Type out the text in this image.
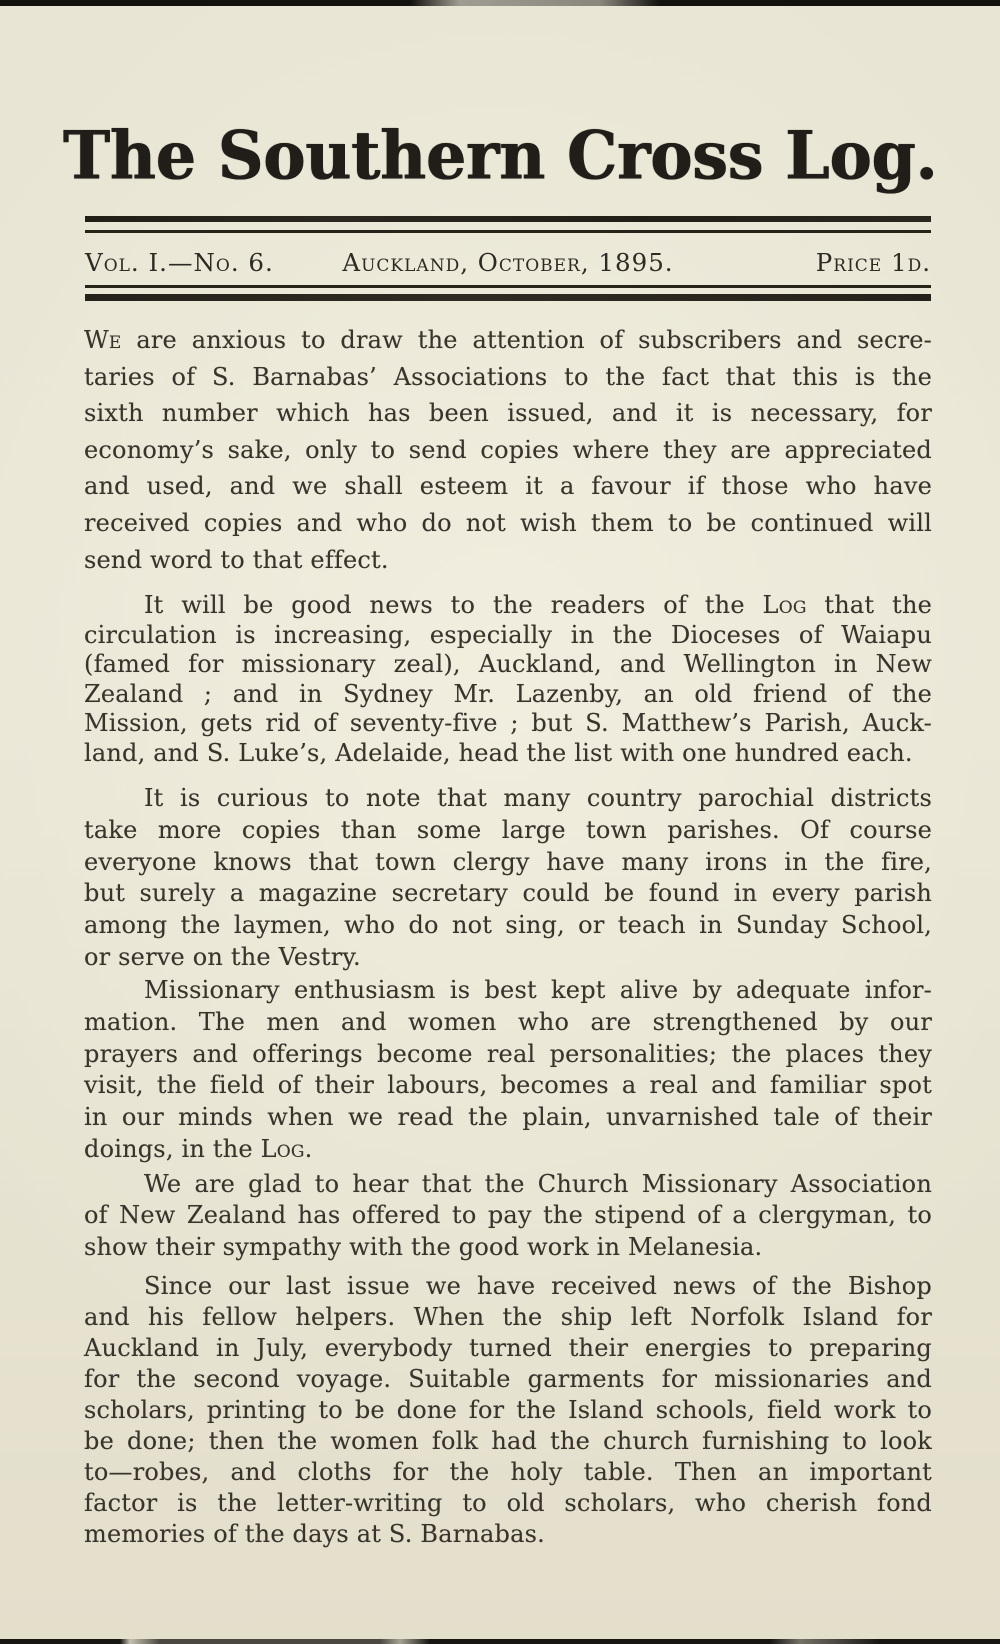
The Southern Cross Log.
Vol. I.—No. 6.	Auckland, October, 1895.	Price 1d.
We are anxious to draw the attention of subscribers and secre-
taries of S. Barnabas’ Associations to the fact that this is the
sixth number which has been issued, and it is necessary, for
economy’s sake, only to send copies where they are appreciated
and used, and we shall esteem it a favour if those who have
received copies and who do not wish them to be continued will
send word to that effect.
It will be good news to the readers of the Log that the
circulation is increasing, especially in the Dioceses of Waiapu
(famed for missionary zeal), Auckland, and Wellington in New
Zealand ; and in Sydney Mr. Lazenby, an old friend of the
Mission, gets rid of seventy-five ; but S. Matthew’s Parish, Auck-
land, and S. Luke’s, Adelaide, head the list with one hundred each.
It is curious to note that many country parochial districts
take more copies than some large town parishes. Of course
everyone knows that town clergy have many irons in the fire,
but surely a magazine secretary could be found in every parish
among the laymen, who do not sing, or teach in Sunday School,
or serve on the Vestry.
Missionary enthusiasm is best kept alive by adequate infor-
mation. The men and women who are strengthened by our
prayers and offerings become real personalities; the places they
visit, the field of their labours, becomes a real and familiar spot
in our minds when we read the plain, unvarnished tale of their
doings, in the Log.
We are glad to hear that the Church Missionary Association
of New Zealand has offered to pay the stipend of a clergyman, to
show their sympathy with the good work in Melanesia.
Since our last issue we have received news of the Bishop
and his fellow helpers. When the ship left Norfolk Island for
Auckland in July, everybody turned their energies to preparing
for the second voyage. Suitable garments for missionaries and
scholars, printing to be done for the Island schools, field work to
be done; then the women folk had the church furnishing to look
to—robes, and cloths for the holy table. Then an important
factor is the letter-writing to old scholars, who cherish fond
memories of the days at S. Barnabas.
